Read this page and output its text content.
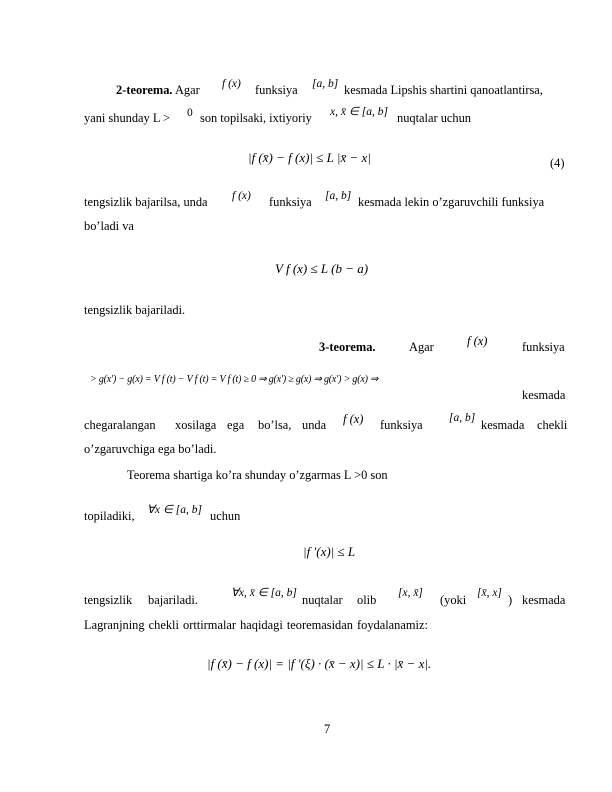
2-teorema. Agar f (x) funksiya [a, b] kesmada Lipshis shartini qanoatlantirsa,
yani shunday L > 0 son topilsaki, ixtiyoriy x, x̄ ∈ [a, b] nuqtalar uchun
|f (x̄) − f (x)| ≤ L |x̄ − x|	(4)
tengsizlik bajarilsa, unda f (x) funksiya [a, b] kesmada lekin o’zgaruvchili funksiya
bo’ladi va
V f (x) ≤ L (b − a)
tengsizlik bajariladi.
3-teorema.	Agar	f (x)	funksiya
> g(x′) − g(x) = V f (t) − V f (t) = V f (t) ≥ 0 ⇒ g(x′) ≥ g(x) ⇒ g(x′) > g(x) ⇒
kesmada
chegaralangan xosilaga ega bo’lsa, unda f (x) funksiya [a, b] kesmada chekli
o’zgaruvchiga ega bo’ladi.
Teorema shartiga ko’ra shunday o’zgarmas L >0 son
topiladiki, ∀x ∈ [a, b] uchun
|f ′(x)| ≤ L
tengsizlik bajariladi.	∀x, x̄ ∈ [a, b] nuqtalar olib [x, x̄] (yoki [x̄, x] ) kesmada
Lagranjning chekli orttirmalar haqidagi teoremasidan foydalanamiz:
|f (x̄) − f (x)| = |f ′(ξ) · (x̄ − x)| ≤ L · |x̄ − x|.
7
